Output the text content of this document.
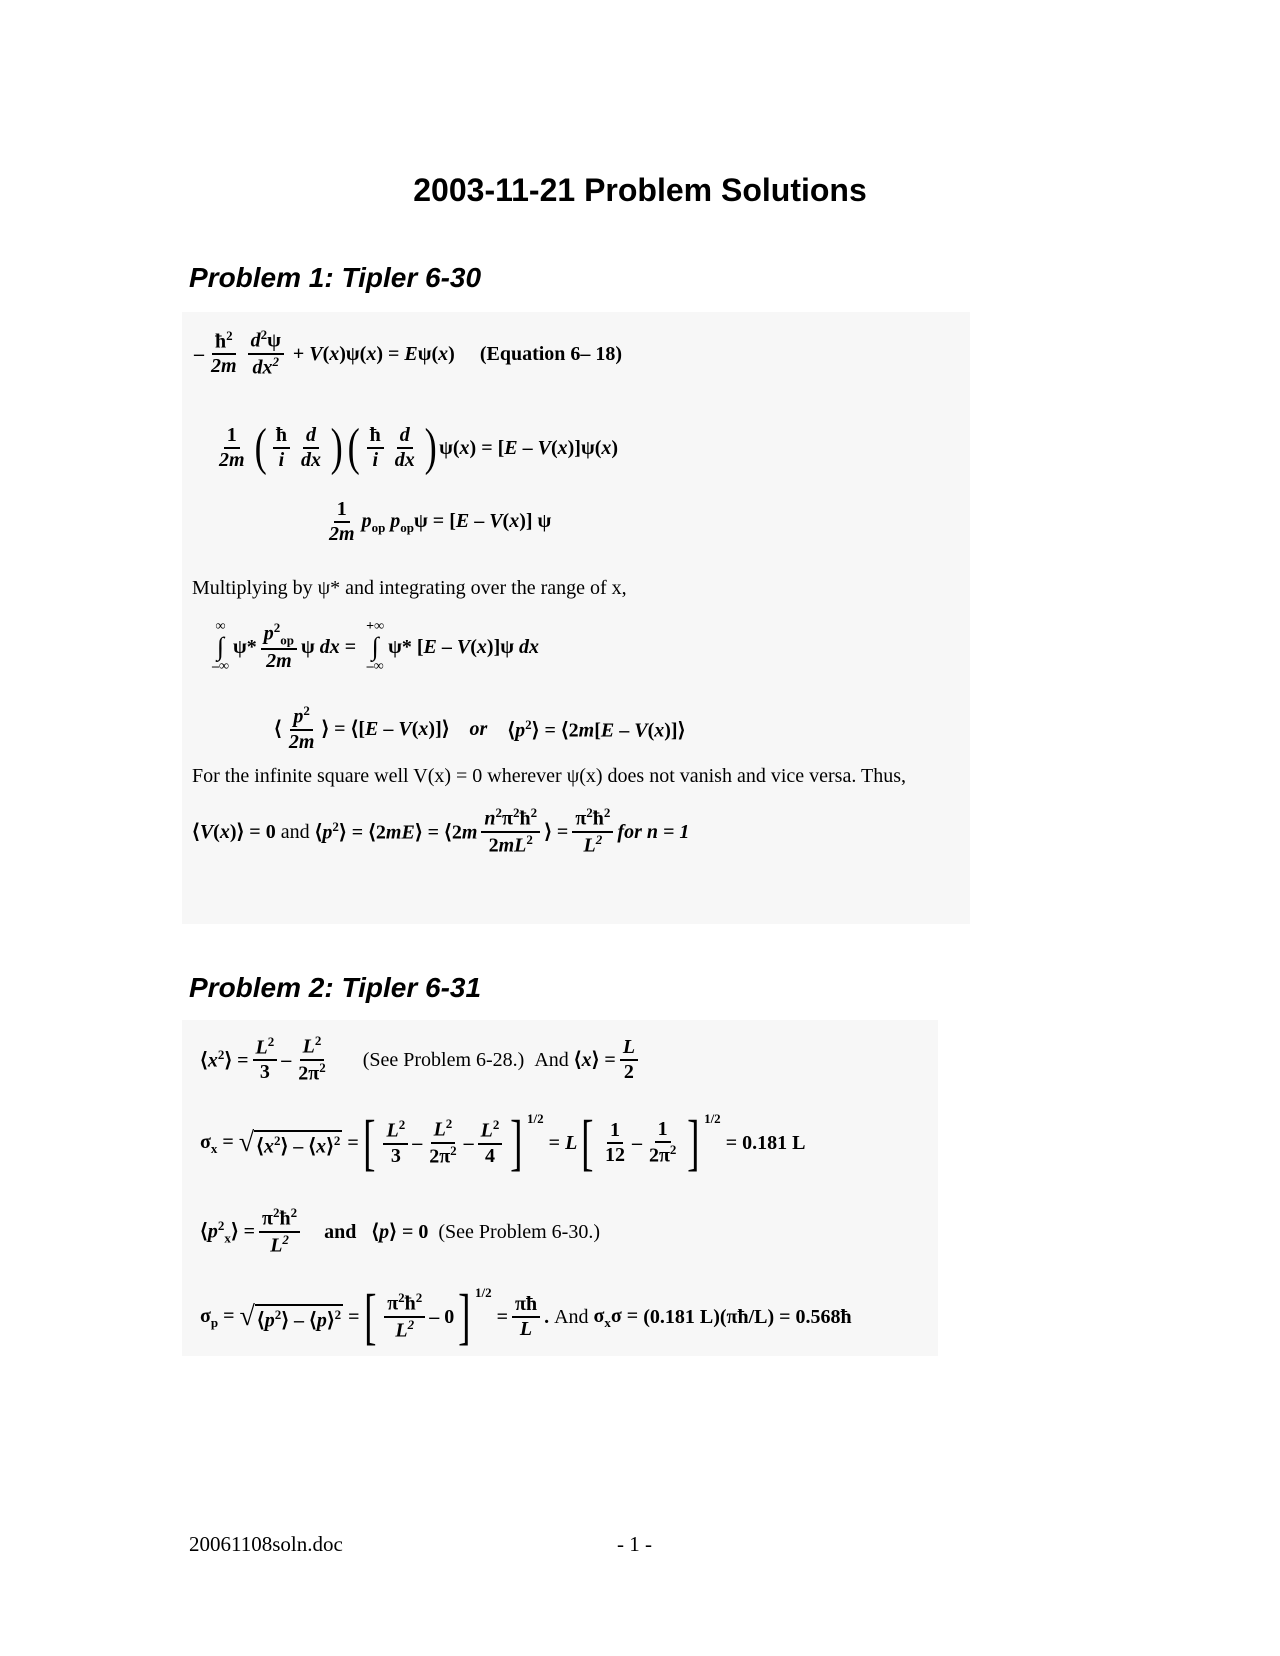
2003-11-21 Problem Solutions
Problem 1: Tipler 6-30
– $\frac{ħ^2}{2m} \frac{d^2\psi}{dx^2} + V(x)\psi(x) = E\psi(x)$ (Equation 6– 18)
$\frac{1}{2m}$ ( $\frac{ħ}{i} \frac{d}{dx}$ ) ( $\frac{ħ}{i} \frac{d}{dx}$ ) ψ(x) = [E – V(x)]ψ(x)
$\frac{1}{2m} p_{op}$ $p_{op}\psi = [E - V(x)]$ ψ
Multiplying by ψ* and integrating over the range of x,
∞
∫
–∞
$\psi* \frac{p^2_{op}}{2m}$ ψ dx =
+∞
∫
–∞
ψ* [E – V(x)]ψ dx
⟨ $\frac{p^2}{2m}$ ⟩ = ⟨[E – V(x)]⟩ or $⟨p^2⟩$ = ⟨2m[E – V(x)]⟩
For the infinite square well V(x) = 0 wherever ψ(x) does not vanish and vice versa. Thus,
⟨V(x)⟩ = 0 and $⟨p^2⟩$ = ⟨2mE⟩ = ⟨2m $\frac{n^2\pi^2ħ^2}{2mL^2}$ ⟩ = $\frac{\pi^2ħ^2}{L^2}$ for n = 1
Problem 2: Tipler 6-31
$⟨x^2⟩ = \frac{L^2}{3} - \frac{L^2}{2\pi^2}$
(See Problem 6-28.)
And ⟨x⟩ = $\frac{L}{2}$
$\sigma_x$ = √ $⟨x^2⟩$ – ⟨x⟩$^2$ = [ $\frac{L^2}{3} - \frac{L^2}{2\pi^2} - \frac{L^2}{4}$ ] $^{1/2}$
= L [ $\frac{1}{12} - \frac{1}{2\pi^2}$ ] $^{1/2}$
= 0.181 L
$⟨p^2_x⟩ = \frac{\pi^2ħ^2}{L^2}$
and ⟨p⟩ = 0 (See Problem 6-30.)
$\sigma_p$ = √ $⟨p^2⟩$ – ⟨p⟩$^2$ = [ $\frac{\pi^2ħ^2}{L^2} - 0$ ] $^{1/2}$
= $\frac{\pi ħ}{L}$ . And $\sigma_x\sigma = (0.181$ L)(πħ/L) = 0.568ħ
20061108soln.doc	- 1 -
